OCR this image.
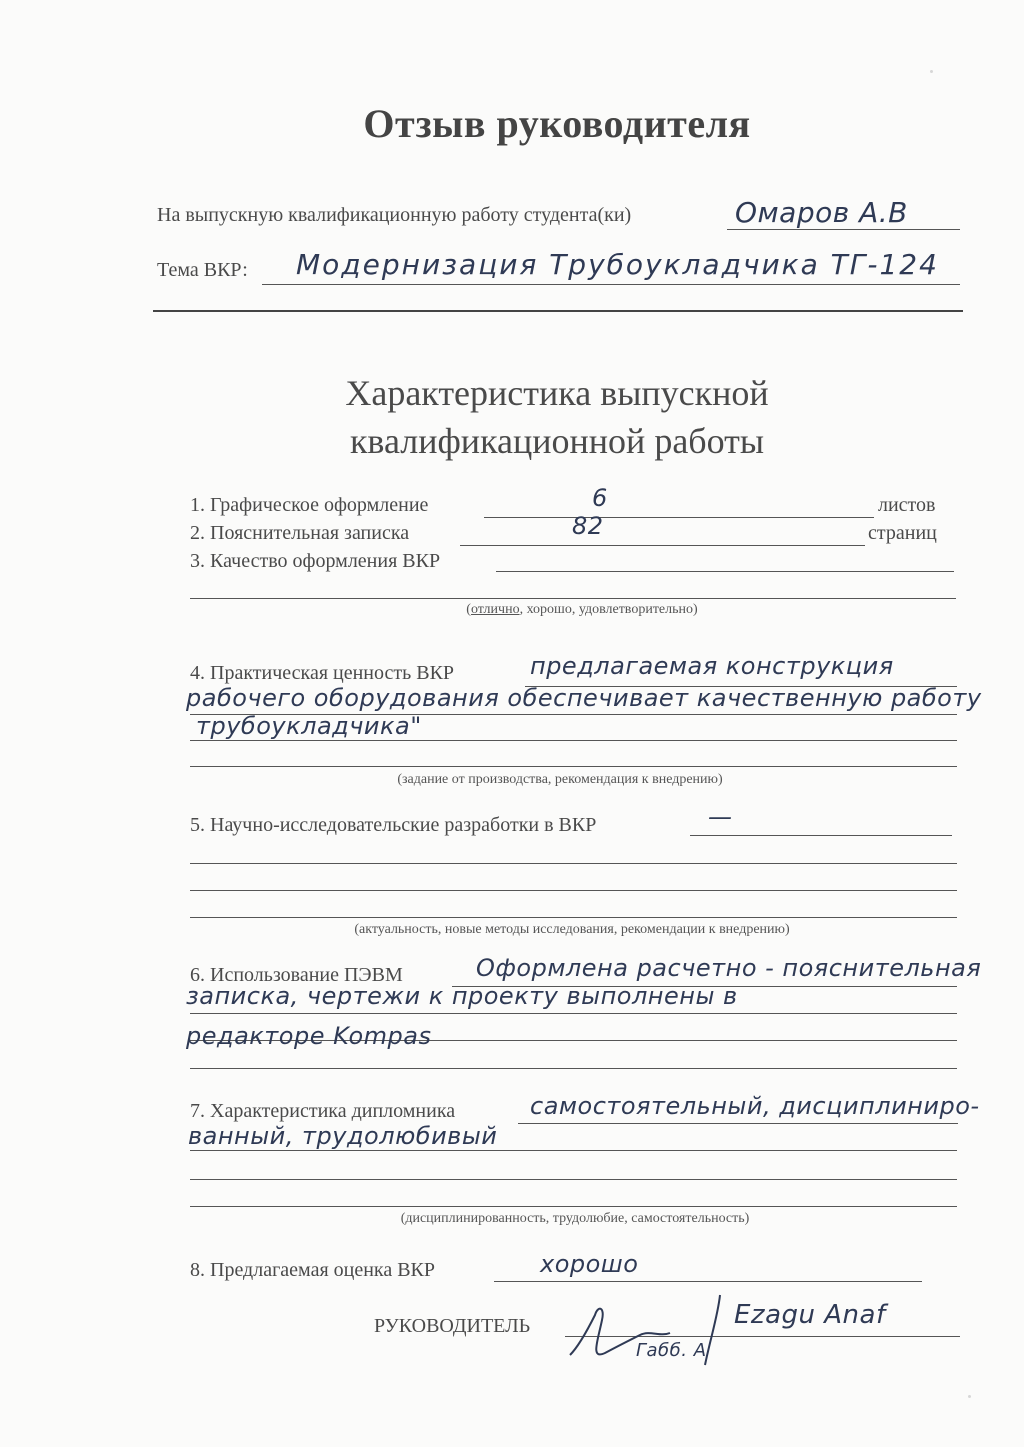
Отзыв руководителя
На выпускную квалификационную работу студента(ки)	Омаров А.В
Тема ВКР: Модернизация Трубоукладчика ТГ-124
Характеристика выпускной
квалификационной работы
1. Графическое оформление	6	листов
2. Пояснительная записка	82	страниц
3. Качество оформления ВКР
(отлично, хорошо, удовлетворительно)
4. Практическая ценность ВКР	предлагаемая конструкция
рабочего оборудования обеспечивает качественную работу
трубоукладчика"
(задание от производства, рекомендация к внедрению)
5. Научно-исследовательские разработки в ВКР	—
(актуальность, новые методы исследования, рекомендации к внедрению)
6. Использование ПЭВМ	Оформлена расчетно - пояснительная
записка, чертежи к проекту выполнены в
редакторе Kompas
7. Характеристика дипломника	самостоятельный, дисциплиниро-
ванный, трудолюбивый
(дисциплинированность, трудолюбие, самостоятельность)
8. Предлагаемая оценка ВКР	хорошо
РУКОВОДИТЕЛЬ
Габб. А
Ezagu Anaf
